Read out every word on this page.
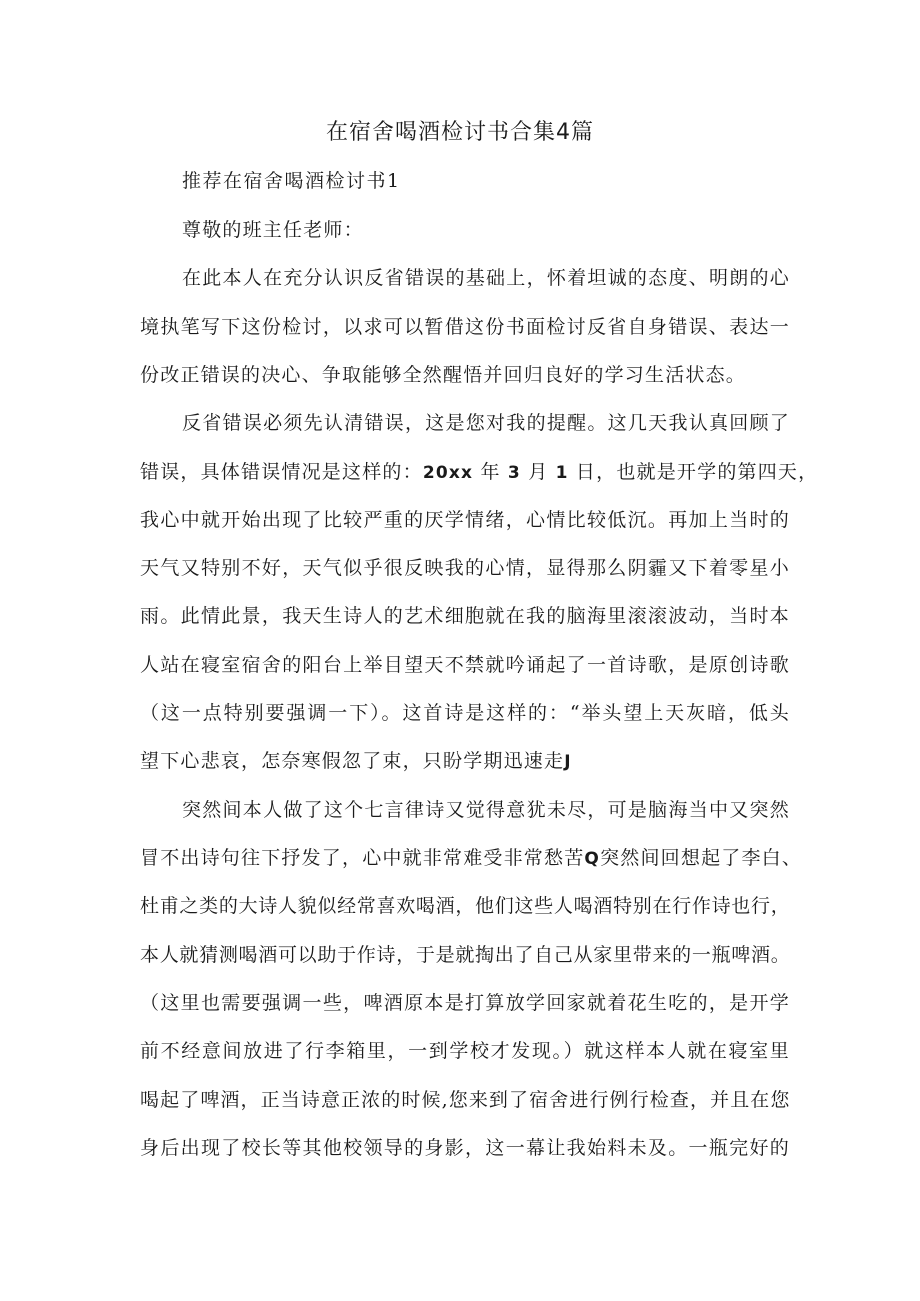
在宿舍喝酒检讨书合集4篇
推荐在宿舍喝酒检讨书1
尊敬的班主任老师：
在此本人在充分认识反省错误的基础上，怀着坦诚的态度、明朗的心
境执笔写下这份检讨，以求可以暂借这份书面检讨反省自身错误、表达一
份改正错误的决心、争取能够全然醒悟并回归良好的学习生活状态。
反省错误必须先认清错误，这是您对我的提醒。这几天我认真回顾了
错误，具体错误情况是这样的：20xx 年 3 月 1 日，也就是开学的第四天，
我心中就开始出现了比较严重的厌学情绪，心情比较低沉。再加上当时的
天气又特别不好，天气似乎很反映我的心情，显得那么阴霾又下着零星小
雨。此情此景，我天生诗人的艺术细胞就在我的脑海里滚滚波动，当时本
人站在寝室宿舍的阳台上举目望天不禁就吟诵起了一首诗歌，是原创诗歌
（这一点特别要强调一下）。这首诗是这样的：“举头望上天灰暗，低头
望下心悲哀，怎奈寒假忽了束，只盼学期迅速走J
突然间本人做了这个七言律诗又觉得意犹未尽，可是脑海当中又突然
冒不出诗句往下抒发了，心中就非常难受非常愁苦Q突然间回想起了李白、
杜甫之类的大诗人貌似经常喜欢喝酒，他们这些人喝酒特别在行作诗也行，
本人就猜测喝酒可以助于作诗，于是就掏出了自己从家里带来的一瓶啤酒。
（这里也需要强调一些，啤酒原本是打算放学回家就着花生吃的，是开学
前不经意间放进了行李箱里，一到学校才发现。）就这样本人就在寝室里
喝起了啤酒，正当诗意正浓的时候,您来到了宿舍进行例行检查，并且在您
身后出现了校长等其他校领导的身影，这一幕让我始料未及。一瓶完好的
